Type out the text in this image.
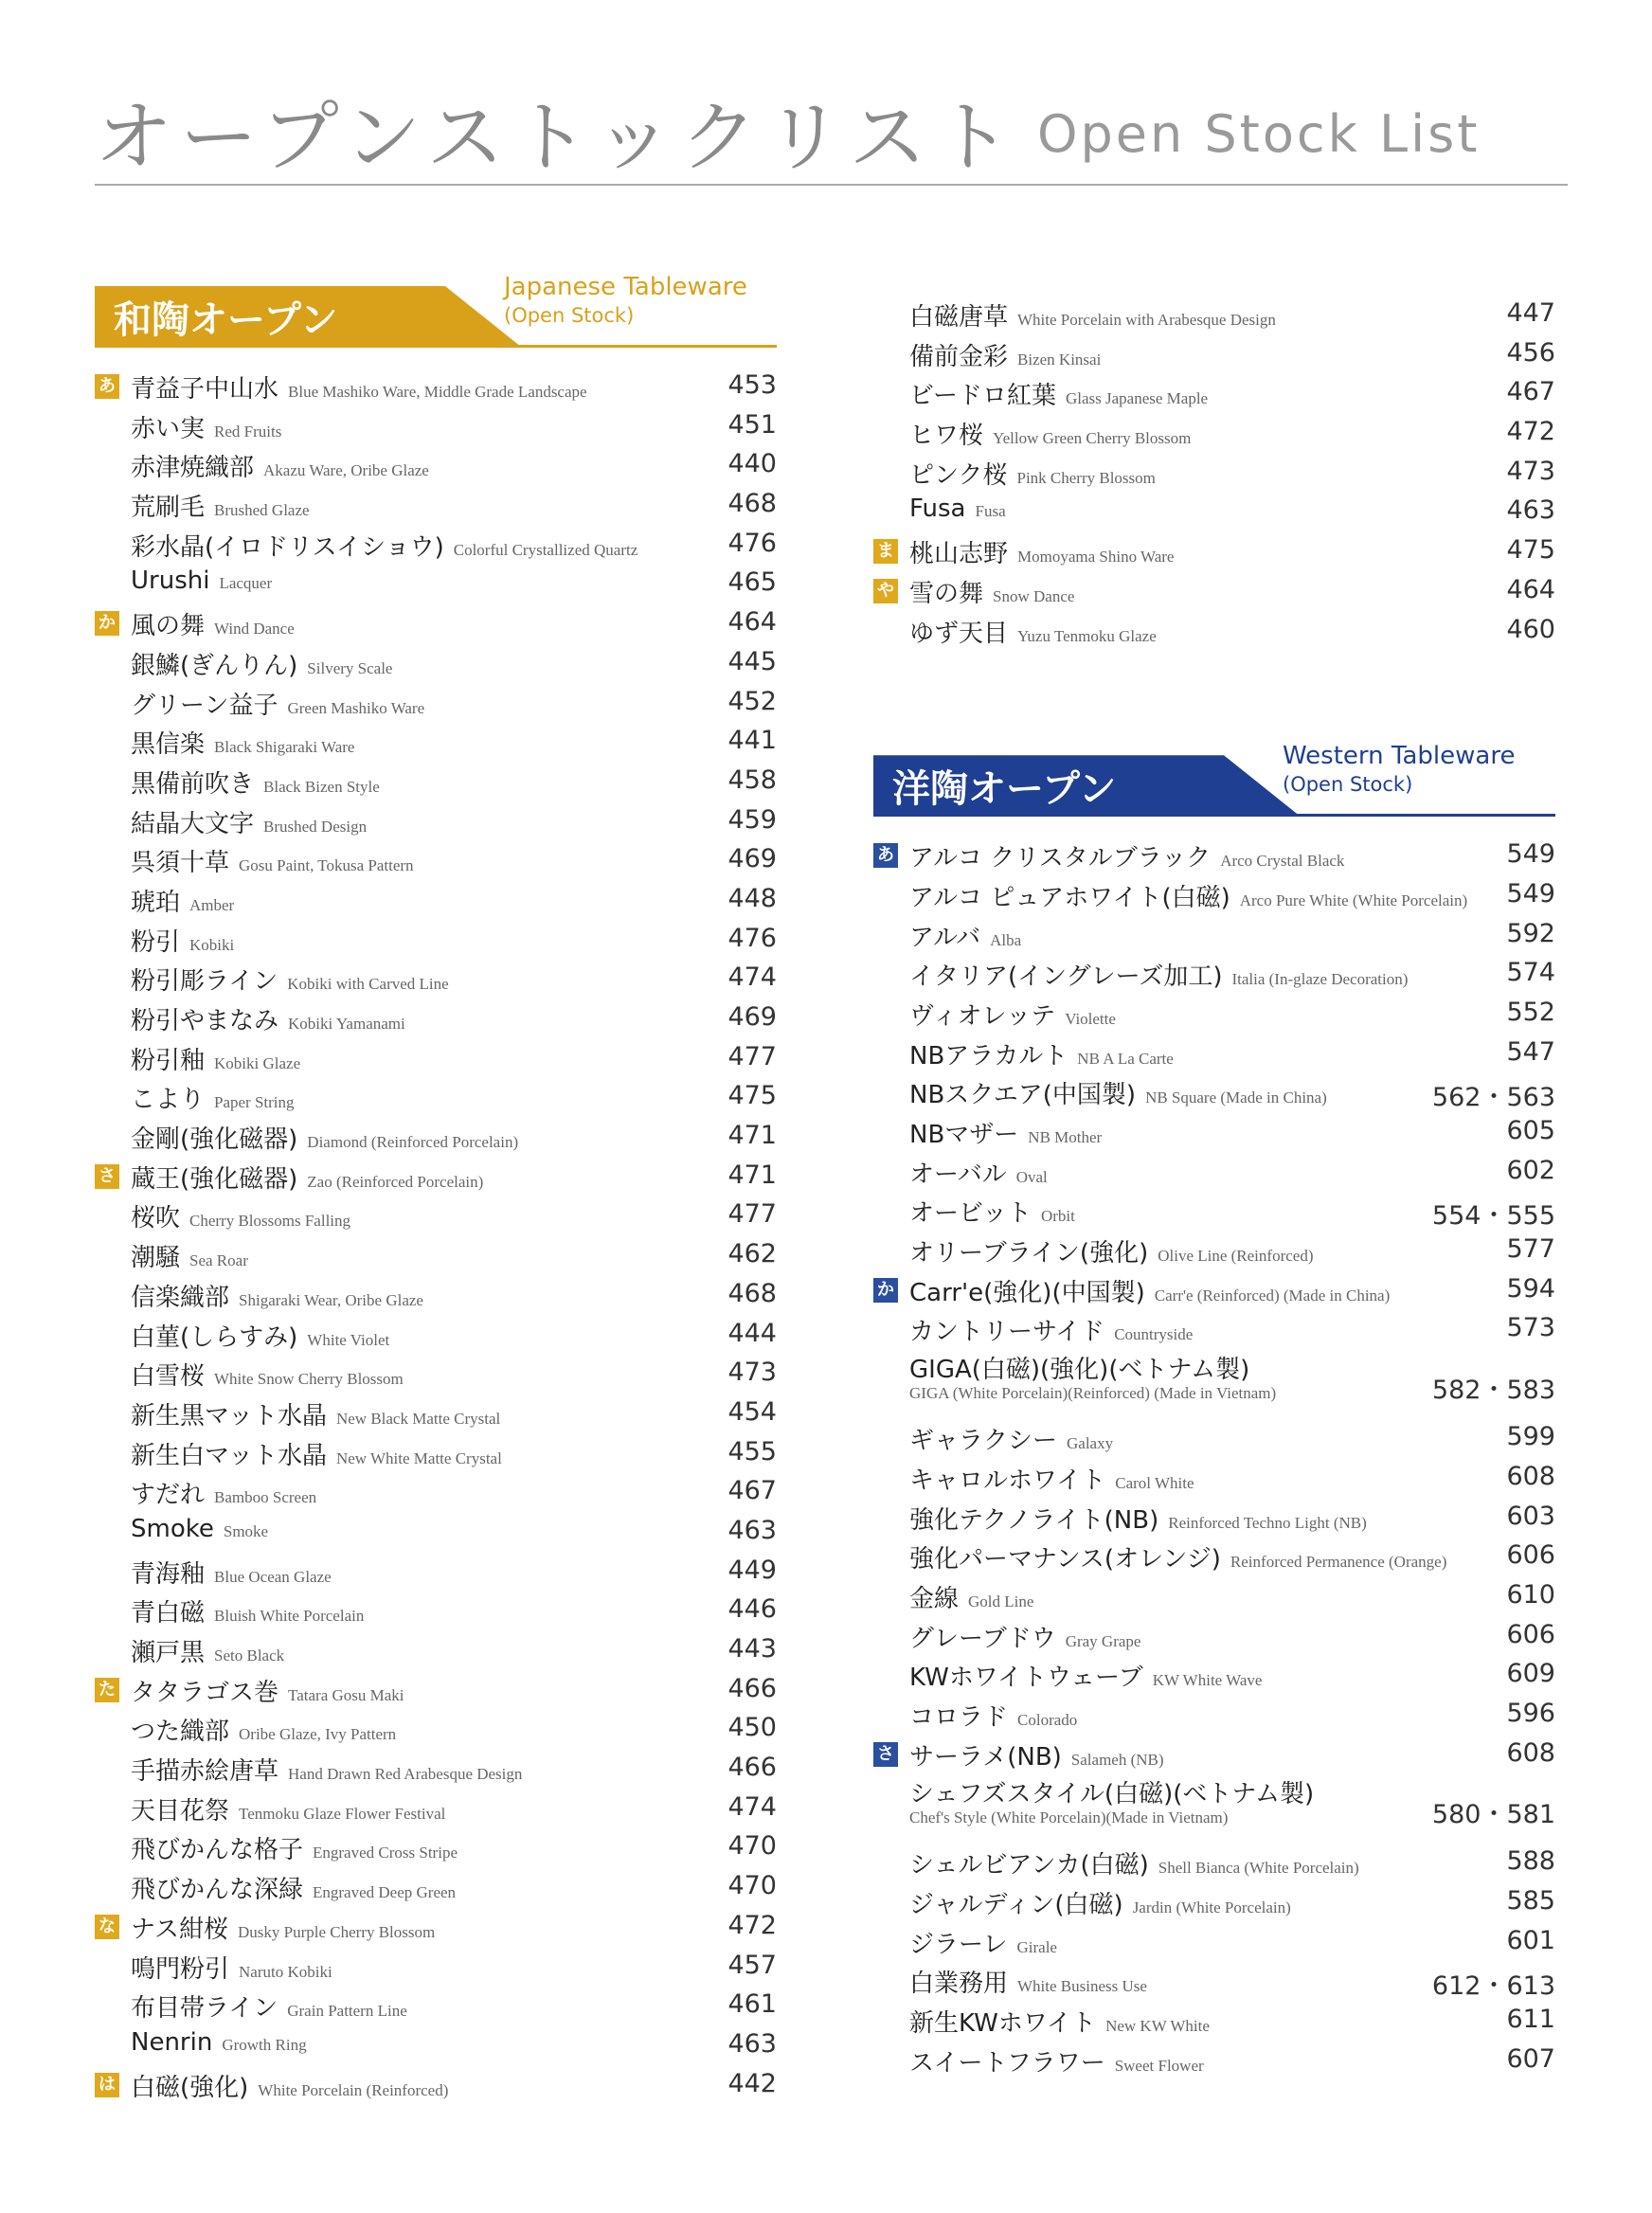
オープンストックリスト Open Stock List
和陶オープン
Japanese Tableware
(Open Stock)
あ 青益子中山水 Blue Mashiko Ware, Middle Grade Landscape	453
赤い実 Red Fruits	451
赤津焼織部 Akazu Ware, Oribe Glaze	440
荒刷毛 Brushed Glaze	468
彩水晶(イロドリスイショウ) Colorful Crystallized Quartz	476
Urushi Lacquer	465
か 風の舞 Wind Dance	464
銀鱗(ぎんりん) Silvery Scale	445
グリーン益子 Green Mashiko Ware	452
黒信楽 Black Shigaraki Ware	441
黒備前吹き Black Bizen Style	458
結晶大文字 Brushed Design	459
呉須十草 Gosu Paint, Tokusa Pattern	469
琥珀 Amber	448
粉引 Kobiki	476
粉引彫ライン Kobiki with Carved Line	474
粉引やまなみ Kobiki Yamanami	469
粉引釉 Kobiki Glaze	477
こより Paper String	475
金剛(強化磁器) Diamond (Reinforced Porcelain)	471
さ 蔵王(強化磁器) Zao (Reinforced Porcelain)	471
桜吹 Cherry Blossoms Falling	477
潮騒 Sea Roar	462
信楽織部 Shigaraki Wear, Oribe Glaze	468
白菫(しらすみ) White Violet	444
白雪桜 White Snow Cherry Blossom	473
新生黒マット水晶 New Black Matte Crystal	454
新生白マット水晶 New White Matte Crystal	455
すだれ Bamboo Screen	467
Smoke Smoke	463
青海釉 Blue Ocean Glaze	449
青白磁 Bluish White Porcelain	446
瀬戸黒 Seto Black	443
た タタラゴス巻 Tatara Gosu Maki	466
つた織部 Oribe Glaze, Ivy Pattern	450
手描赤絵唐草 Hand Drawn Red Arabesque Design	466
天目花祭 Tenmoku Glaze Flower Festival	474
飛びかんな格子 Engraved Cross Stripe	470
飛びかんな深緑 Engraved Deep Green	470
な ナス紺桜 Dusky Purple Cherry Blossom	472
鳴門粉引 Naruto Kobiki	457
布目帯ライン Grain Pattern Line	461
Nenrin Growth Ring	463
は 白磁(強化) White Porcelain (Reinforced)	442
白磁唐草 White Porcelain with Arabesque Design	447
備前金彩 Bizen Kinsai	456
ビードロ紅葉 Glass Japanese Maple	467
ヒワ桜 Yellow Green Cherry Blossom	472
ピンク桜 Pink Cherry Blossom	473
Fusa Fusa	463
ま 桃山志野 Momoyama Shino Ware	475
や 雪の舞 Snow Dance	464
ゆず天目 Yuzu Tenmoku Glaze	460
洋陶オープン
Western Tableware
(Open Stock)
あ アルコ クリスタルブラック Arco Crystal Black	549
アルコ ピュアホワイト(白磁) Arco Pure White (White Porcelain) 549
アルバ Alba	592
イタリア(イングレーズ加工) Italia (In-glaze Decoration)	574
ヴィオレッテ Violette	552
NBアラカルト NB A La Carte	547
NBスクエア(中国製) NB Square (Made in China)	562・563
NBマザー NB Mother	605
オーバル Oval	602
オービット Orbit	554・555
オリーブライン(強化) Olive Line (Reinforced)	577
か Carr'e(強化)(中国製) Carr'e (Reinforced) (Made in China)	594
カントリーサイド Countryside	573
GIGA(白磁)(強化)(ベトナム製)
GIGA (White Porcelain)(Reinforced) (Made in Vietnam)	582・583
ギャラクシー Galaxy	599
キャロルホワイト Carol White	608
強化テクノライト(NB) Reinforced Techno Light (NB)	603
強化パーマナンス(オレンジ) Reinforced Permanence (Orange) 606
金線 Gold Line	610
グレーブドウ Gray Grape	606
KWホワイトウェーブ KW White Wave	609
コロラド Colorado	596
さ サーラメ(NB) Salameh (NB)	608
シェフズスタイル(白磁)(ベトナム製)
Chef's Style (White Porcelain)(Made in Vietnam)	580・581
シェルビアンカ(白磁) Shell Bianca (White Porcelain)	588
ジャルディン(白磁) Jardin (White Porcelain)	585
ジラーレ Girale	601
白業務用 White Business Use	612・613
新生KWホワイト New KW White	611
スイートフラワー Sweet Flower	607
